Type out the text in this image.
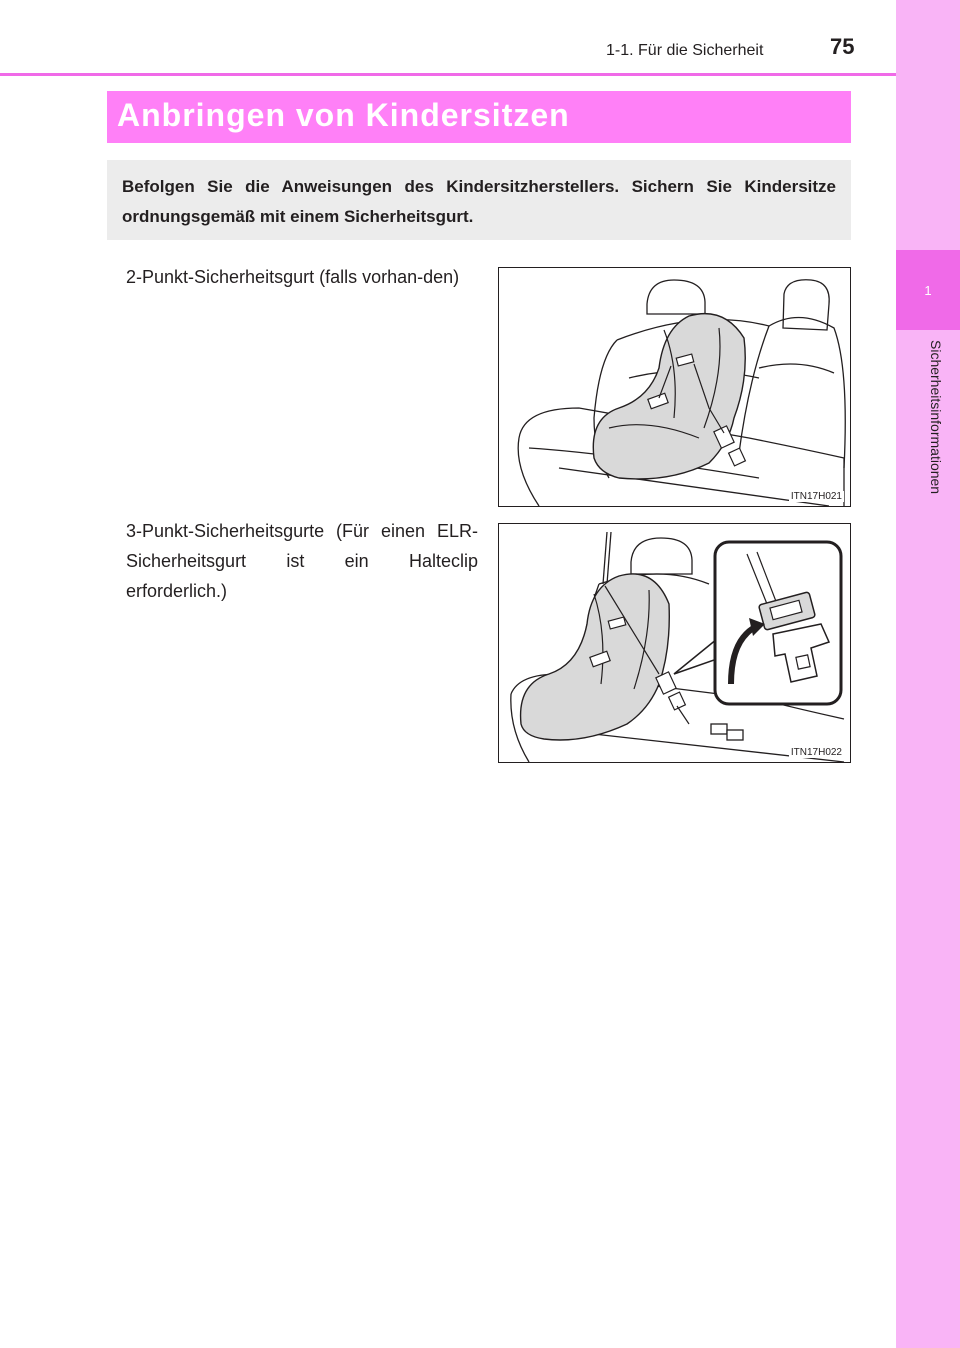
1
Sicherheitsinformationen
1-1. Für die Sicherheit	75
Anbringen von Kindersitzen

Befolgen Sie die Anweisungen des Kindersitzherstellers. Sichern Sie Kindersitze ordnungsgemäß mit einem Sicherheitsgurt.

2-Punkt-Sicherheitsgurt (falls vorhan-den)

ITN17H021

3-Punkt-Sicherheitsgurte (Für einen ELR-Sicherheitsgurt ist ein Halteclip erforderlich.)

ITN17H022
